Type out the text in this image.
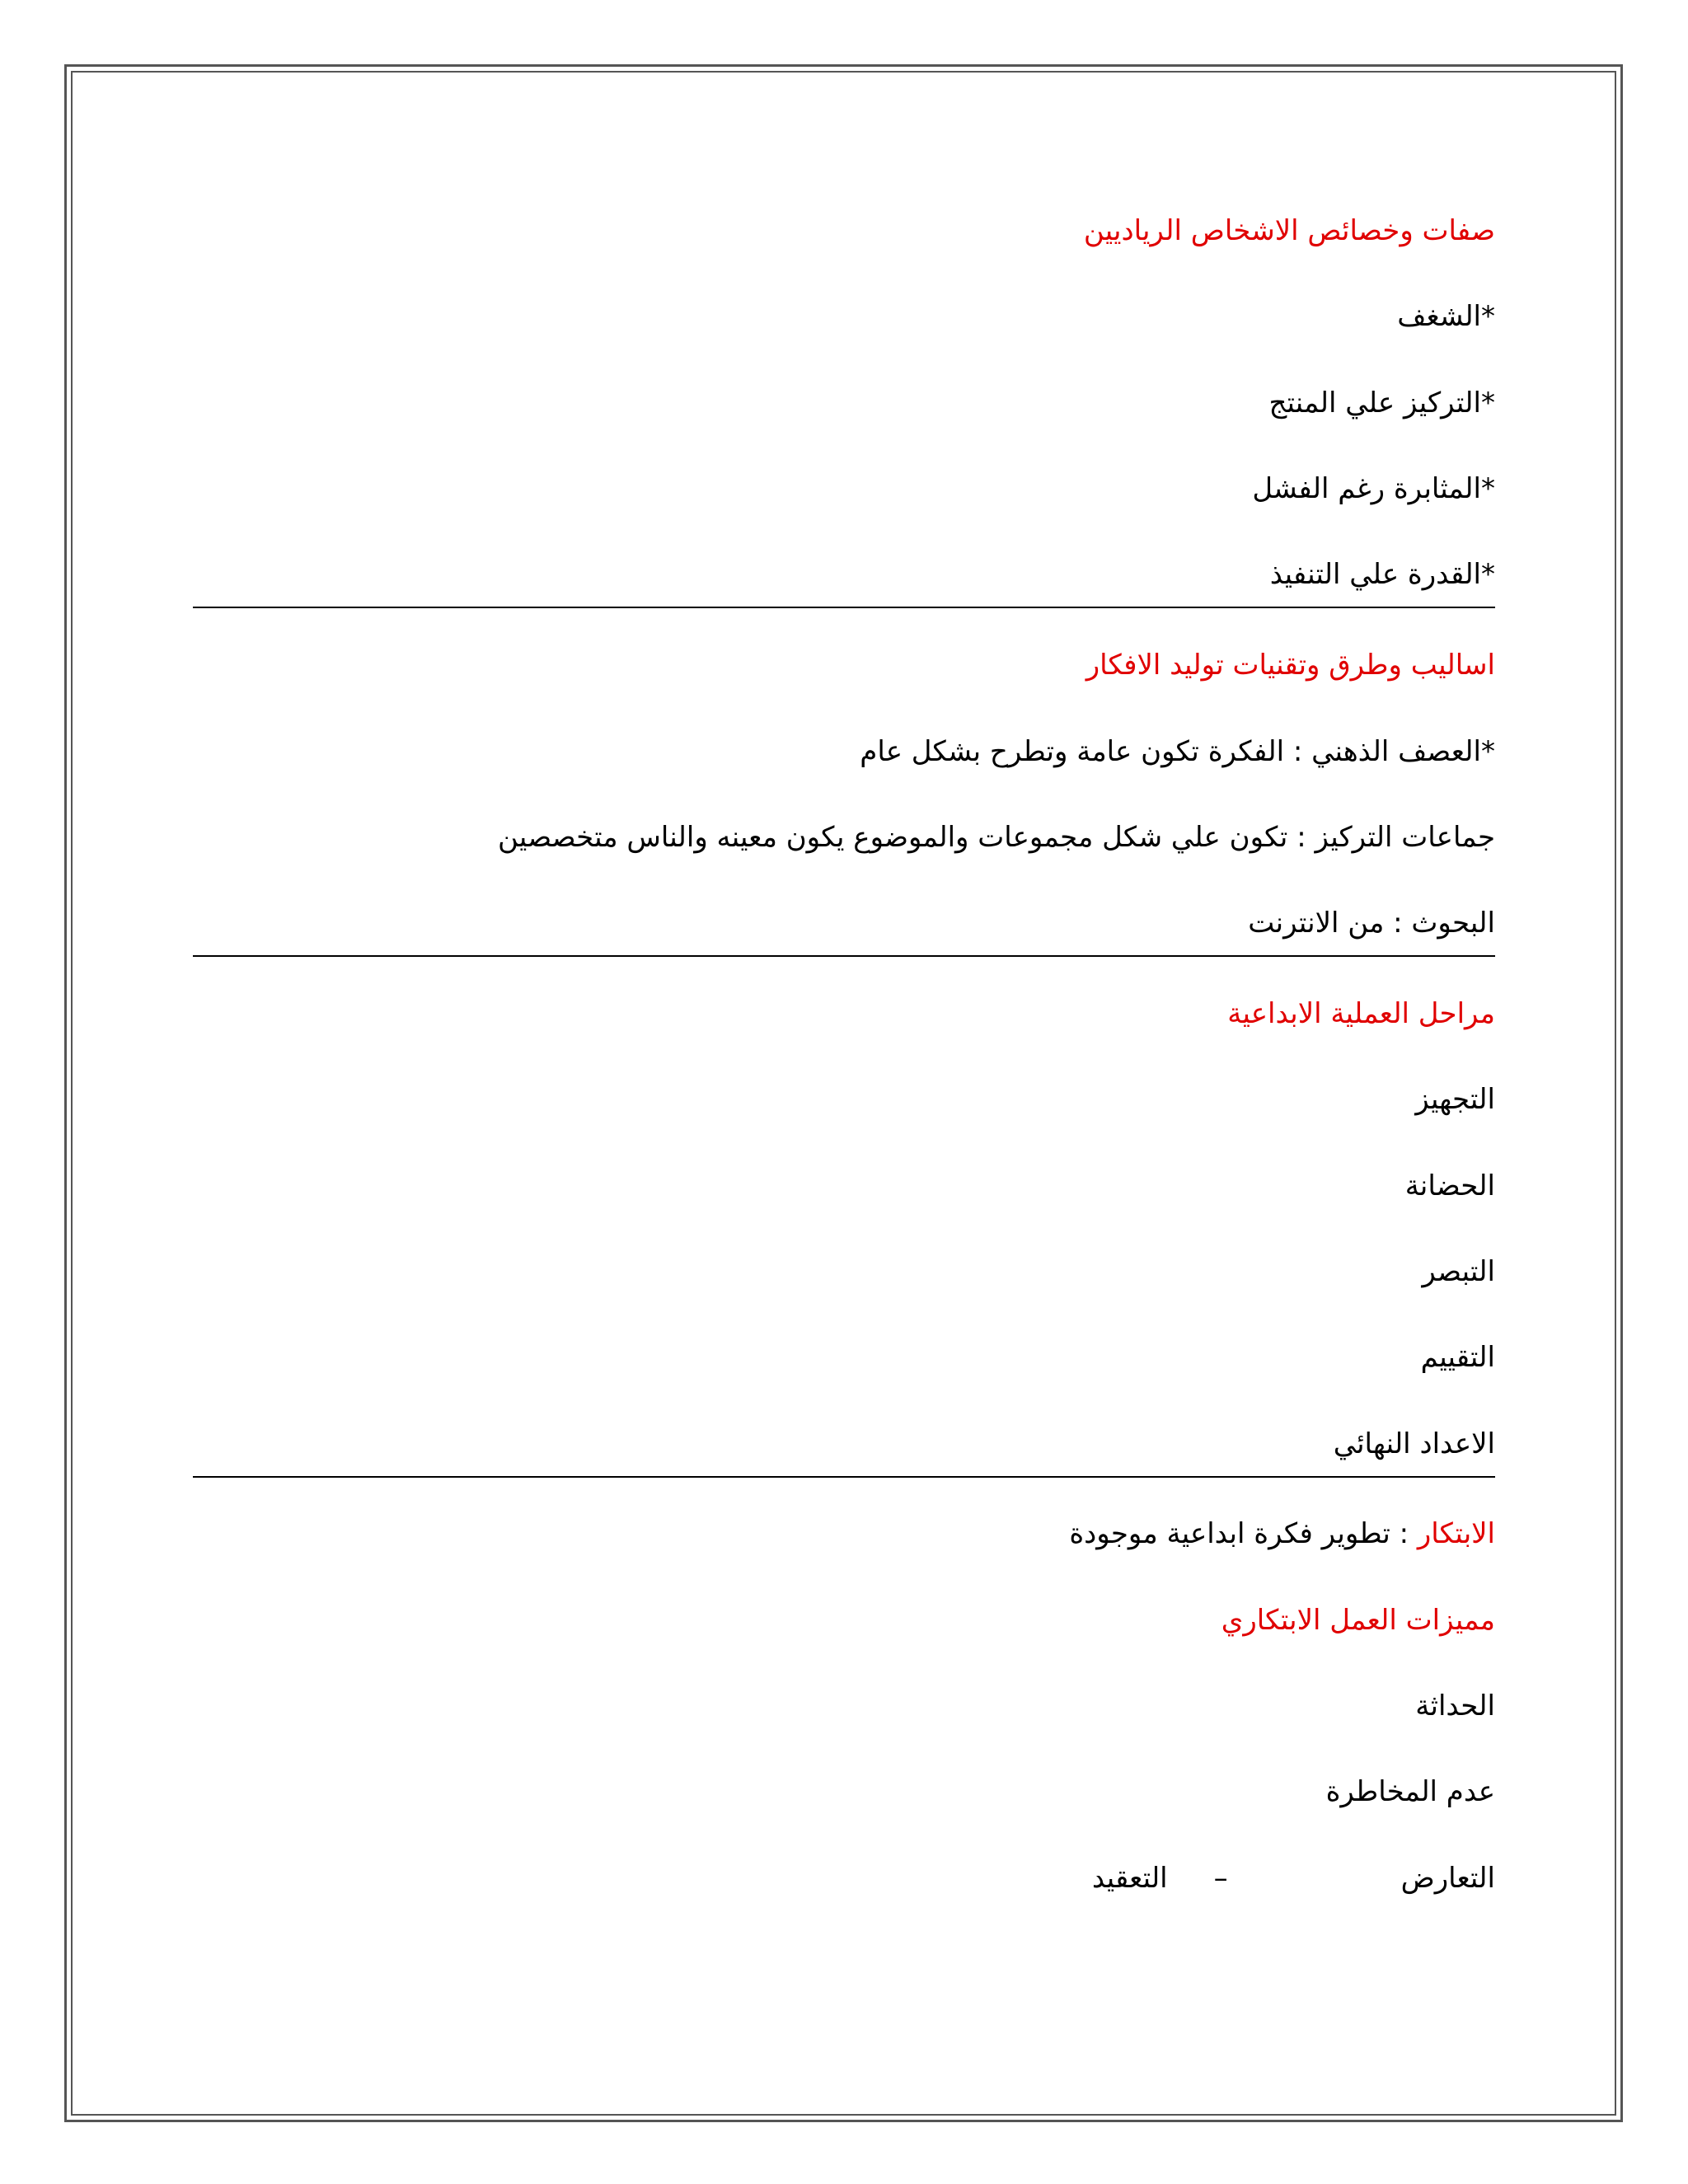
صفات وخصائص الاشخاص الرياديين
*الشغف
*التركيز علي المنتج
*المثابرة رغم الفشل
*القدرة علي التنفيذ
اساليب وطرق وتقنيات توليد الافكار
*العصف الذهني : الفكرة تكون عامة وتطرح بشكل عام
جماعات التركيز : تكون علي شكل مجموعات والموضوع يكون معينه والناس متخصصين
البحوث : من الانترنت
مراحل العملية الابداعية
التجهيز
الحضانة
التبصر
التقييم
الاعداد النهائي
الابتكار : تطوير فكرة ابداعية موجودة
مميزات العمل الابتكاري
الحداثة
عدم المخاطرة
التعارض–التعقيد
